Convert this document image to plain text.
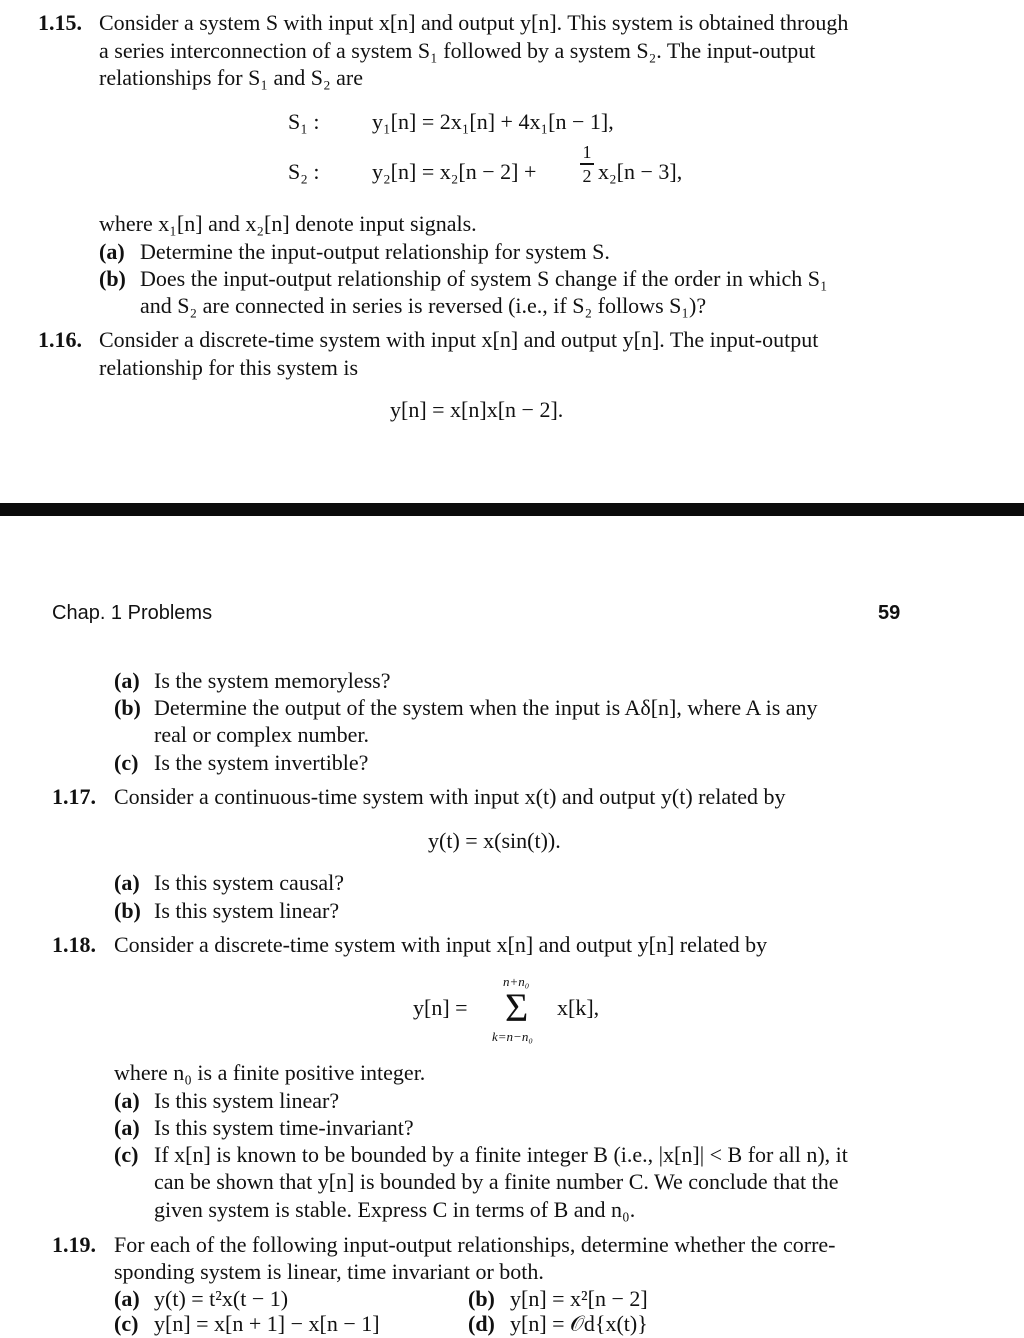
1.15. Consider a system S with input x[n] and output y[n]. This system is obtained through
a series interconnection of a system S₁ followed by a system S₂. The input-output
relationships for S₁ and S₂ are
S₁ : y₁[n] = 2x₁[n] + 4x₁[n − 1],
S₂ : y₂[n] = x₂[n − 2] +
1
2 x₂[n − 3],
where x₁[n] and x₂[n] denote input signals.
(a) Determine the input-output relationship for system S.
(b) Does the input-output relationship of system S change if the order in which S₁
and S₂ are connected in series is reversed (i.e., if S₂ follows S₁)?
1.16. Consider a discrete-time system with input x[n] and output y[n]. The input-output
relationship for this system is
y[n] = x[n]x[n − 2].
Chap. 1 Problems	59
(a) Is the system memoryless?
(b) Determine the output of the system when the input is Aδ[n], where A is any
real or complex number.
(c) Is the system invertible?
1.17. Consider a continuous-time system with input x(t) and output y(t) related by
y(t) = x(sin(t)).
(a) Is this system causal?
(b) Is this system linear?
1.18. Consider a discrete-time system with input x[n] and output y[n] related by
y[n] =
n+n₀
Σ
k=n−n₀
x[k],
where n₀ is a finite positive integer.
(a) Is this system linear?
(a) Is this system time-invariant?
(c) If x[n] is known to be bounded by a finite integer B (i.e., |x[n]| < B for all n), it
can be shown that y[n] is bounded by a finite number C. We conclude that the
given system is stable. Express C in terms of B and n₀.
1.19. For each of the following input-output relationships, determine whether the corre-
sponding system is linear, time invariant or both.
(a) y(t) = t²x(t − 1)	(b) y[n] = x²[n − 2]
(c) y[n] = x[n + 1] − x[n − 1]	(d) y[n] = 𝒪d{x(t)}
